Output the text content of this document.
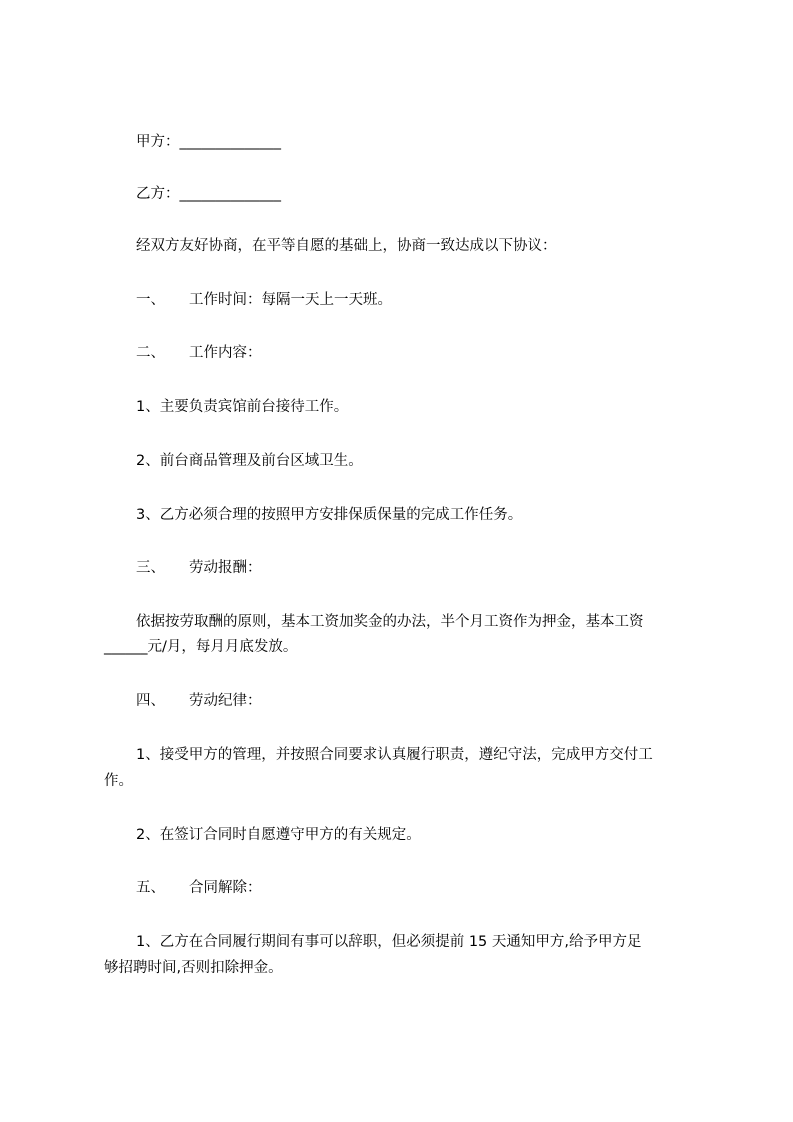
甲方：______________
乙方：______________
经双方友好协商，在平等自愿的基础上，协商一致达成以下协议：
一、 工作时间：每隔一天上一天班。
二、 工作内容：
1、主要负责宾馆前台接待工作。
2、前台商品管理及前台区域卫生。
3、乙方必须合理的按照甲方安排保质保量的完成工作任务。
三、 劳动报酬：
依据按劳取酬的原则，基本工资加奖金的办法，半个月工资作为押金，基本工资
______元/月，每月月底发放。
四、 劳动纪律：
1、接受甲方的管理，并按照合同要求认真履行职责，遵纪守法，完成甲方交付工
作。
2、在签订合同时自愿遵守甲方的有关规定。
五、 合同解除：
1、乙方在合同履行期间有事可以辞职，但必须提前 15 天通知甲方,给予甲方足
够招聘时间,否则扣除押金。
